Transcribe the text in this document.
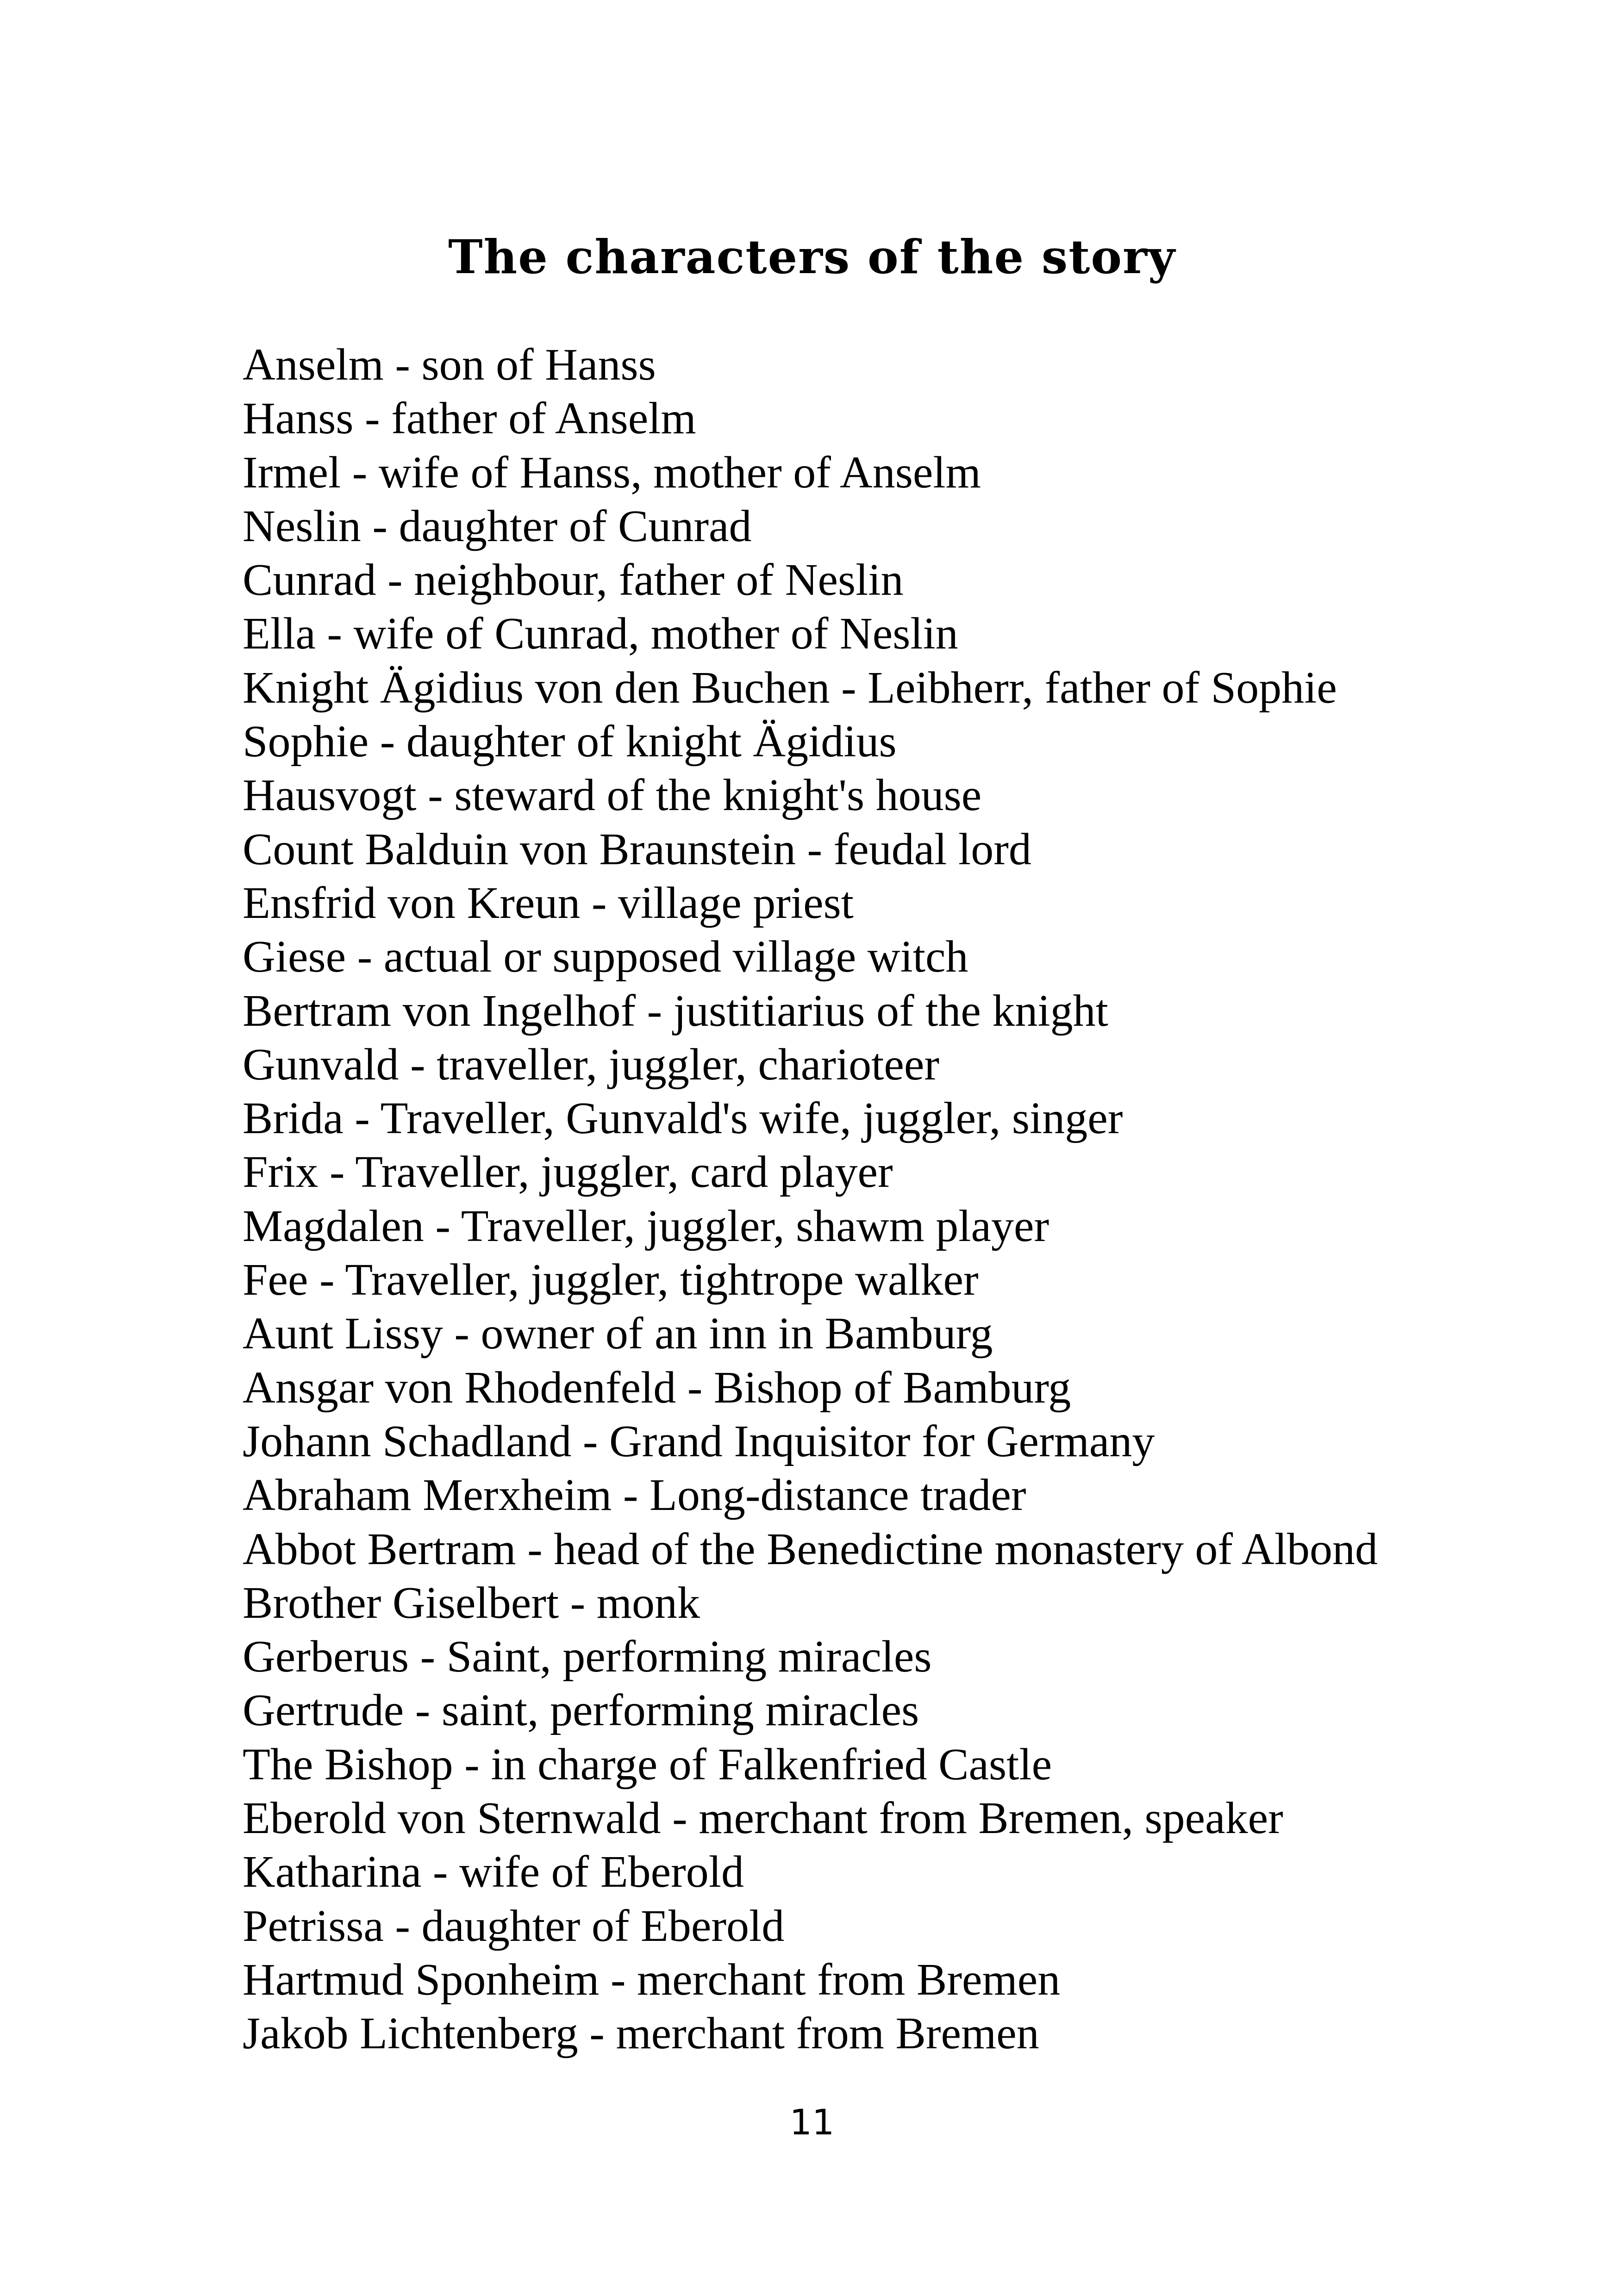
The characters of the story
Anselm - son of Hanss
Hanss - father of Anselm
Irmel - wife of Hanss, mother of Anselm
Neslin - daughter of Cunrad
Cunrad - neighbour, father of Neslin
Ella - wife of Cunrad, mother of Neslin
Knight Ägidius von den Buchen - Leibherr, father of Sophie
Sophie - daughter of knight Ägidius
Hausvogt - steward of the knight's house
Count Balduin von Braunstein - feudal lord
Ensfrid von Kreun - village priest
Giese - actual or supposed village witch
Bertram von Ingelhof - justitiarius of the knight
Gunvald - traveller, juggler, charioteer
Brida - Traveller, Gunvald's wife, juggler, singer
Frix - Traveller, juggler, card player
Magdalen - Traveller, juggler, shawm player
Fee - Traveller, juggler, tightrope walker
Aunt Lissy - owner of an inn in Bamburg
Ansgar von Rhodenfeld - Bishop of Bamburg
Johann Schadland - Grand Inquisitor for Germany
Abraham Merxheim - Long-distance trader
Abbot Bertram - head of the Benedictine monastery of Albond
Brother Giselbert - monk
Gerberus - Saint, performing miracles
Gertrude - saint, performing miracles
The Bishop - in charge of Falkenfried Castle
Eberold von Sternwald - merchant from Bremen, speaker
Katharina - wife of Eberold
Petrissa - daughter of Eberold
Hartmud Sponheim - merchant from Bremen
Jakob Lichtenberg - merchant from Bremen
11
